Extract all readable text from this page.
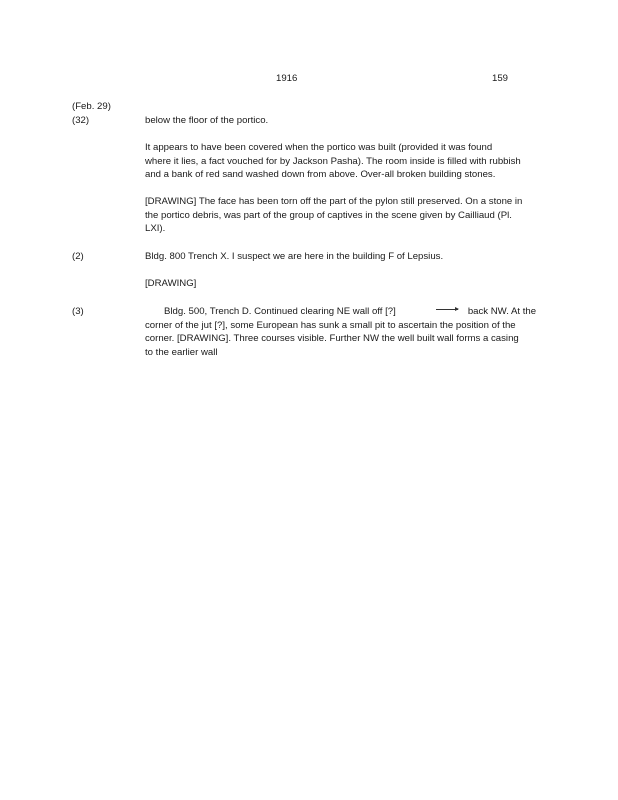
1916	159
(Feb. 29)
(32)	below the floor of the portico.
It appears to have been covered when the portico was built (provided it was found
where it lies, a fact vouched for by Jackson Pasha). The room inside is filled with rubbish
and a bank of red sand washed down from above. Over-all broken building stones.
[DRAWING] The face has been torn off the part of the pylon still preserved. On a stone in
the portico debris, was part of the group of captives in the scene given by Cailliaud (Pl.
LXI).
(2)	Bldg. 800 Trench X. I suspect we are here in the building F of Lepsius.
[DRAWING]
(3)	Bldg. 500, Trench D. Continued clearing NE wall off [?]	back NW. At the
corner of the jut [?], some European has sunk a small pit to ascertain the position of the
corner. [DRAWING]. Three courses visible. Further NW the well built wall forms a casing
to the earlier wall
